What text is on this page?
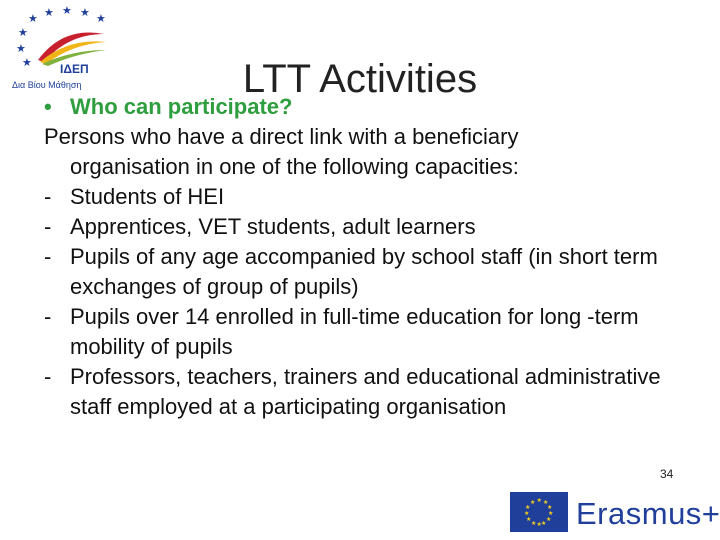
★ ★ ★ ★ ★
★
★
★ ΙΔΕΠ
Δια Βίου Μάθηση	LTT Activities
• Who can participate?

Persons who have a direct link with a beneficiary
organisation in one of the following capacities:

- Students of HEI
- Apprentices, VET students, adult learners
- Pupils of any age accompanied by school staff (in short term exchanges of group of pupils)
- Pupils over 14 enrolled in full-time education for long -term mobility of pupils
- Professors, teachers, trainers and educational administrative staff employed at a participating organisation
34
★ ★
★
★
★
★
★
★
★
★
★
★ Erasmus+
